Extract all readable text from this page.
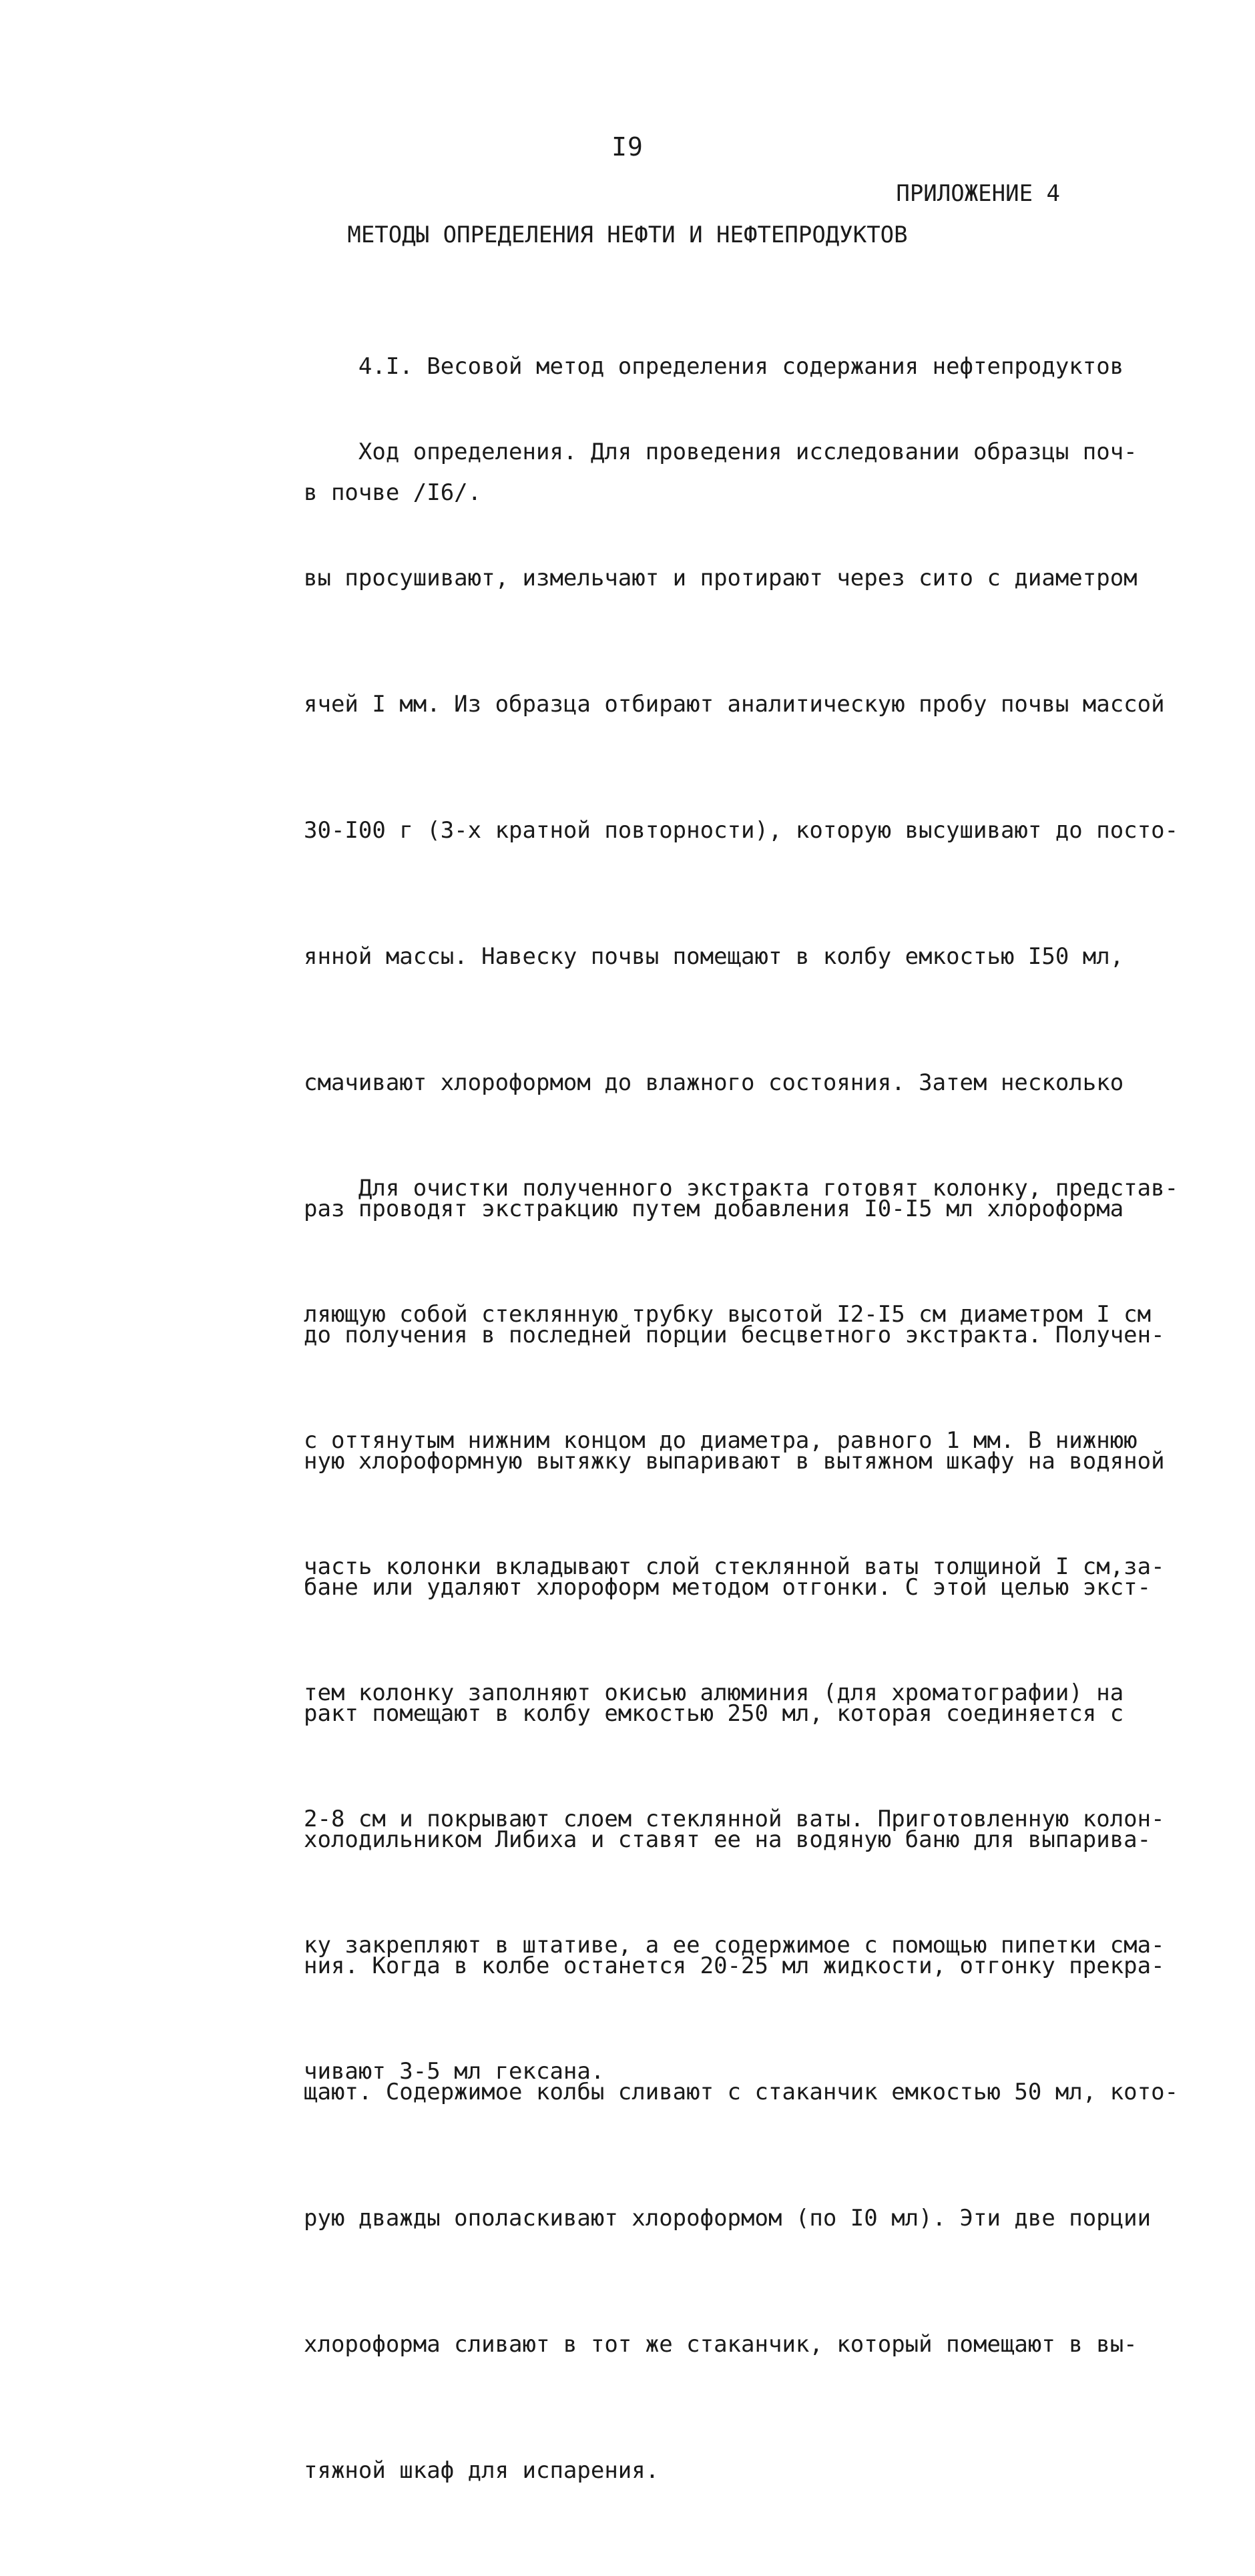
I9
ПРИЛОЖЕНИЕ 4
МЕТОДЫ ОПРЕДЕЛЕНИЯ НЕФТИ И НЕФТЕПРОДУКТОВ

4.I. Весовой метод определения содержания нефтепродуктов

в почве /I6/.

Ход определения. Для проведения исследовании образцы поч-

вы просушивают, измельчают и протирают через сито с диаметром

ячей I мм. Из образца отбирают аналитическую пробу почвы массой

30-I00 г (3-х кратной повторности), которую высушивают до посто-

янной массы. Навеску почвы помещают в колбу емкостью I50 мл,

смачивают хлороформом до влажного состояния. Затем несколько

раз проводят экстракцию путем добавления I0-I5 мл хлороформа

до получения в последней порции бесцветного экстракта. Получен-

ную хлороформную вытяжку выпаривают в вытяжном шкафу на водяной

бане или удаляют хлороформ методом отгонки. С этой целью экст-

ракт помещают в колбу емкостью 250 мл, которая соединяется с

холодильником Либиха и ставят ее на водяную баню для выпарива-

ния. Когда в колбе останется 20-25 мл жидкости, отгонку прекра-

щают. Содержимое колбы сливают с стаканчик емкостью 50 мл, кото-

рую дважды ополаскивают хлороформом (по I0 мл). Эти две порции

хлороформа сливают в тот же стаканчик, который помещают в вы-

тяжной шкаф для испарения.

Для очистки полученного экстракта готовят колонку, представ-

ляющую собой стеклянную трубку высотой I2-I5 см диаметром I см

с оттянутым нижним концом до диаметра, равного 1 мм. В нижнюю

часть колонки вкладывают слой стеклянной ваты толщиной I см,за-

тем колонку заполняют окисью алюминия (для хроматографии) на

2-8 см и покрывают слоем стеклянной ваты. Приготовленную колон-

ку закрепляют в штативе, а ее содержимое с помощью пипетки сма-

чивают 3-5 мл гексана.
